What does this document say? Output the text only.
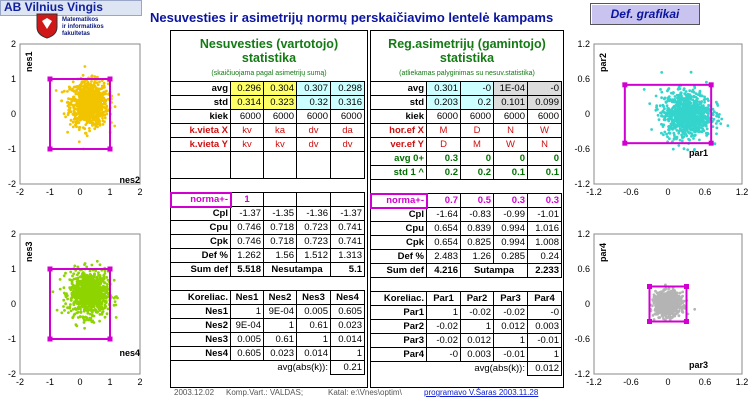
AB Vilnius Vingis
Matematikos
ir informatikos
fakultetas
Nesuvesties ir asimetrijų normų perskaičiavimo lentelė kampams	Def. grafikai
-2 -1	0	1	2
2
1
0
-1
-2
nes1
nes2
-2 -1	0	1	2
2
1
0
-1
-2
nes3
nes4
-1.2 -0.6	0	0.6	1.2
1.2
0.6
0
-0.6
-1.2
par2
par1
-1.2 -0.6	0	0.6	1.2
1.2
0.6
0
-0.6
-1.2
par4
par3
Nesuvesties (vartotojo)
statistika
(skaičiuojama pagal asimetrijų sumą)
avg	0.296	0.304	0.307	0.298
std	0.314	0.323	0.32	0.316
kiek	6000	6000	6000	6000
k.vieta X	kv	ka	dv	da
k.vieta Y	kv	kv	dv	dv

norma+-	1			
Cpl	-1.37	-1.35	-1.36	-1.37
Cpu	0.746	0.718	0.723	0.741
Cpk	0.746	0.718	0.723	0.741
Def %	1.262	1.56	1.512	1.313
Sum def	5.518	Nesutampa		5.1

Koreliac.	Nes1	Nes2	Nes3	Nes4
Nes1	1	9E-04	0.005	0.605
Nes2	9E-04	1	0.61	0.023
Nes3	0.005	0.61	1	0.014
Nes4	0.605	0.023	0.014	1
		avg(abs(k)):		0.21
Reg.asimetrijų (gamintojo)
statistika
(atliekamas palyginimas su nesuv.statistika)
avg	0.301	-0	1E-04	-0
std	0.203	0.2	0.101	0.099
kiek	6000	6000	6000	6000
hor.ef X	M	D	N	W
ver.ef Y	D	M	W	N
avg 0+	0.3	0	0	0
std 1 ^	0.2	0.2	0.1	0.1

norma+-	0.7	0.5	0.3	0.3
Cpl	-1.64	-0.83	-0.99	-1.01
Cpu	0.654	0.839	0.994	1.016
Cpk	0.654	0.825	0.994	1.008
Def %	2.483	1.26	0.285	0.24
Sum def	4.216	Sutampa		2.233

Koreliac.	Par1	Par2	Par3	Par4
Par1	1	-0.02	-0.02	-0
Par2	-0.02	1	0.012	0.003
Par3	-0.02	0.012	1	-0.01
Par4	-0	0.003	-0.01	1
		avg(abs(k)):		0.012
2003.12.02 Komp.Vart.: VALDAS;	Katal: e:\Vnes\optim\	programavo V.Šaras 2003.11.28
